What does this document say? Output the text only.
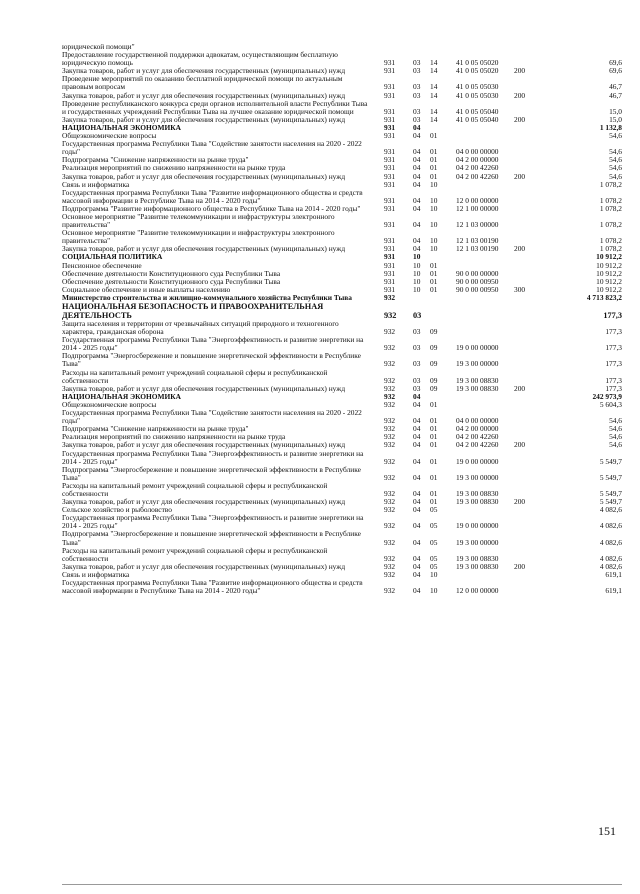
юридической помощи"
Предоставление государственной поддержки адвокатам, осуществляющим бесплатную юридическую помощь	931 03 14	41 0 05 05020	69,6
Закупка товаров, работ и услуг для обеспечения государственных (муниципальных) нужд	931 03 14	41 0 05 05020 200	69,6
Проведение мероприятий по оказанию бесплатной юридической помощи по актуальным правовым вопросам	931 03 14	41 0 05 05030	46,7
Закупка товаров, работ и услуг для обеспечения государственных (муниципальных) нужд	931 03 14	41 0 05 05030 200	46,7
Проведение республиканского конкурса среди органов исполнительной власти Республики Тыва и государственных учреждений Республики Тыва на лучшее оказание юридической помощи	931 03 14	41 0 05 05040	15,0
Закупка товаров, работ и услуг для обеспечения государственных (муниципальных) нужд	931 03 14	41 0 05 05040 200	15,0
НАЦИОНАЛЬНАЯ ЭКОНОМИКА	931 04	1 132,8
Общеэкономические вопросы	931 04 01	54,6
Государственная программа Республики Тыва "Содействие занятости населения на 2020 - 2022 годы"	931 04 01	04 0 00 00000	54,6
Подпрограмма "Снижение напряженности на рынке труда"	931 04 01	04 2 00 00000	54,6
Реализация мероприятий по снижению напряженности на рынке труда	931 04 01	04 2 00 42260	54,6
Закупка товаров, работ и услуг для обеспечения государственных (муниципальных) нужд	931 04 01	04 2 00 42260 200	54,6
Связь и информатика	931 04 10	1 078,2
Государственная программа Республики Тыва "Развитие информационного общества и средств массовой информации в Республике Тыва на 2014 - 2020 годы"	931 04 10	12 0 00 00000	1 078,2
Подпрограмма "Развитие информационного общества в Республике Тыва на 2014 - 2020 годы"	931 04 10	12 1 00 00000	1 078,2
Основное мероприятие "Развитие телекоммуникации и инфраструктуры электронного правительства"	931 04 10	12 1 03 00000	1 078,2
Основное мероприятие "Развитие телекоммуникации и инфраструктуры электронного правительства"	931 04 10	12 1 03 00190	1 078,2
Закупка товаров, работ и услуг для обеспечения государственных (муниципальных) нужд	931 04 10	12 1 03 00190 200	1 078,2
СОЦИАЛЬНАЯ ПОЛИТИКА	931 10	10 912,2
Пенсионное обеспечение	931 10 01	10 912,2
Обеспечение деятельности Конституционного суда Республики Тыва	931 10 01	90 0 00 00000	10 912,2
Обеспечение деятельности Конституционного суда Республики Тыва	931 10 01	90 0 00 00950	10 912,2
Социальное обеспечение и иные выплаты населению	931 10 01	90 0 00 00950 300	10 912,2
Министерство строительства и жилищно-коммунального хозяйства Республики Тыва	932	4 713 823,2
НАЦИОНАЛЬНАЯ БЕЗОПАСНОСТЬ И ПРАВООХРАНИТЕЛЬНАЯ ДЕЯТЕЛЬНОСТЬ	932 03	177,3
Защита населения и территории от чрезвычайных ситуаций природного и техногенного характера, гражданская оборона	932 03 09	177,3
Государственная программа Республики Тыва "Энергоэффективность и развитие энергетики на 2014 - 2025 годы"	932 03 09	19 0 00 00000	177,3
Подпрограмма "Энергосбережение и повышение энергетической эффективности в Республике Тыва"	932 03 09	19 3 00 00000	177,3
Расходы на капитальный ремонт учреждений социальной сферы и республиканской собственности	932 03 09	19 3 00 08830	177,3
Закупка товаров, работ и услуг для обеспечения государственных (муниципальных) нужд	932 03 09	19 3 00 08830 200	177,3
НАЦИОНАЛЬНАЯ ЭКОНОМИКА	932 04	242 973,9
Общеэкономические вопросы	932 04 01	5 604,3
Государственная программа Республики Тыва "Содействие занятости населения на 2020 - 2022 годы"	932 04 01	04 0 00 00000	54,6
Подпрограмма "Снижение напряженности на рынке труда"	932 04 01	04 2 00 00000	54,6
Реализация мероприятий по снижению напряженности на рынке труда	932 04 01	04 2 00 42260	54,6
Закупка товаров, работ и услуг для обеспечения государственных (муниципальных) нужд	932 04 01	04 2 00 42260 200	54,6
Государственная программа Республики Тыва "Энергоэффективность и развитие энергетики на 2014 - 2025 годы"	932 04 01	19 0 00 00000	5 549,7
Подпрограмма "Энергосбережение и повышение энергетической эффективности в Республике Тыва"	932 04 01	19 3 00 00000	5 549,7
Расходы на капитальный ремонт учреждений социальной сферы и республиканской собственности	932 04 01	19 3 00 08830	5 549,7
Закупка товаров, работ и услуг для обеспечения государственных (муниципальных) нужд	932 04 01	19 3 00 08830 200	5 549,7
Сельское хозяйство и рыболовство	932 04 05	4 082,6
Государственная программа Республики Тыва "Энергоэффективность и развитие энергетики на 2014 - 2025 годы"	932 04 05	19 0 00 00000	4 082,6
Подпрограмма "Энергосбережение и повышение энергетической эффективности в Республике Тыва"	932 04 05	19 3 00 00000	4 082,6
Расходы на капитальный ремонт учреждений социальной сферы и республиканской собственности	932 04 05	19 3 00 08830	4 082,6
Закупка товаров, работ и услуг для обеспечения государственных (муниципальных) нужд	932 04 05	19 3 00 08830 200	4 082,6
Связь и информатика	932 04 10	619,1
Государственная программа Республики Тыва "Развитие информационного общества и средств массовой информации в Республике Тыва на 2014 - 2020 годы"	932 04 10	12 0 00 00000	619,1
151
